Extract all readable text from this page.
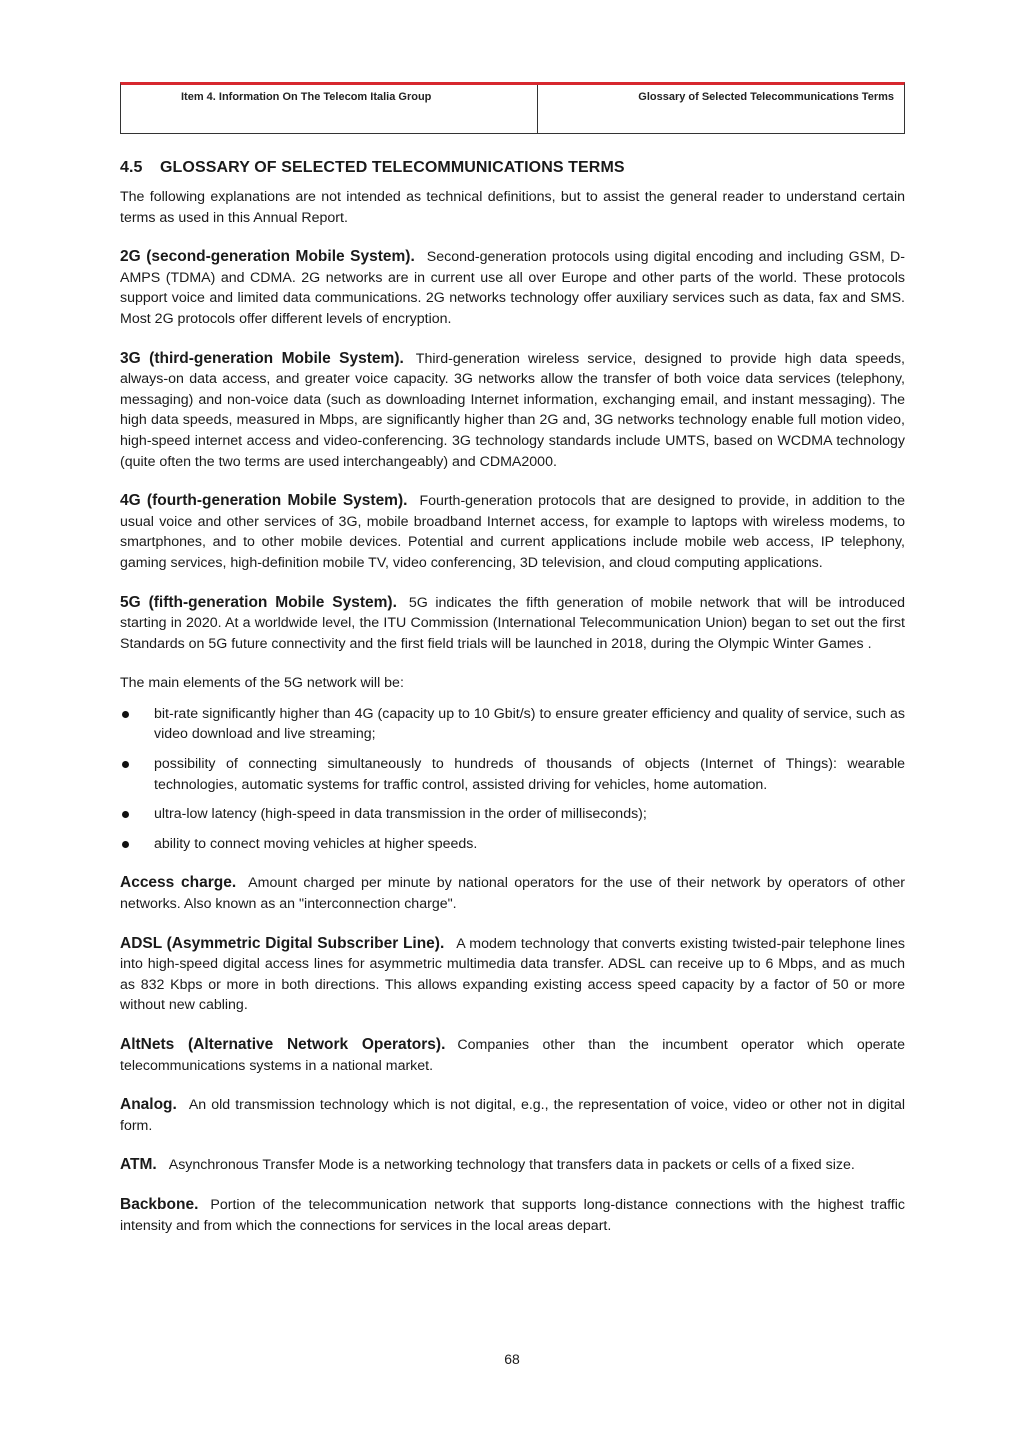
Item 4. Information On The Telecom Italia Group	Glossary of Selected Telecommunications Terms
4.5 GLOSSARY OF SELECTED TELECOMMUNICATIONS TERMS

The following explanations are not intended as technical definitions, but to assist the general reader to understand certain terms as used in this Annual Report.

2G (second-generation Mobile System). Second-generation protocols using digital encoding and including GSM, D-AMPS (TDMA) and CDMA. 2G networks are in current use all over Europe and other parts of the world. These protocols support voice and limited data communications. 2G networks technology offer auxiliary services such as data, fax and SMS. Most 2G protocols offer different levels of encryption.

3G (third-generation Mobile System). Third-generation wireless service, designed to provide high data speeds, always-on data access, and greater voice capacity. 3G networks allow the transfer of both voice data services (telephony, messaging) and non-voice data (such as downloading Internet information, exchanging email, and instant messaging). The high data speeds, measured in Mbps, are significantly higher than 2G and, 3G networks technology enable full motion video, high-speed internet access and video-conferencing. 3G technology standards include UMTS, based on WCDMA technology (quite often the two terms are used interchangeably) and CDMA2000.

4G (fourth-generation Mobile System). Fourth-generation protocols that are designed to provide, in addition to the usual voice and other services of 3G, mobile broadband Internet access, for example to laptops with wireless modems, to smartphones, and to other mobile devices. Potential and current applications include mobile web access, IP telephony, gaming services, high-definition mobile TV, video conferencing, 3D television, and cloud computing applications.

5G (fifth-generation Mobile System). 5G indicates the fifth generation of mobile network that will be introduced starting in 2020. At a worldwide level, the ITU Commission (International Telecommunication Union) began to set out the first Standards on 5G future connectivity and the first field trials will be launched in 2018, during the Olympic Winter Games .

The main elements of the 5G network will be:

bit-rate significantly higher than 4G (capacity up to 10 Gbit/s) to ensure greater efficiency and quality of service, such as video download and live streaming;
possibility of connecting simultaneously to hundreds of thousands of objects (Internet of Things): wearable technologies, automatic systems for traffic control, assisted driving for vehicles, home automation.
ultra-low latency (high-speed in data transmission in the order of milliseconds);
ability to connect moving vehicles at higher speeds.

Access charge. Amount charged per minute by national operators for the use of their network by operators of other networks. Also known as an "interconnection charge".

ADSL (Asymmetric Digital Subscriber Line). A modem technology that converts existing twisted-pair telephone lines into high-speed digital access lines for asymmetric multimedia data transfer. ADSL can receive up to 6 Mbps, and as much as 832 Kbps or more in both directions. This allows expanding existing access speed capacity by a factor of 50 or more without new cabling.

AltNets (Alternative Network Operators). Companies other than the incumbent operator which operate telecommunications systems in a national market.

Analog. An old transmission technology which is not digital, e.g., the representation of voice, video or other not in digital form.

ATM. Asynchronous Transfer Mode is a networking technology that transfers data in packets or cells of a fixed size.

Backbone. Portion of the telecommunication network that supports long-distance connections with the highest traffic intensity and from which the connections for services in the local areas depart.

68
